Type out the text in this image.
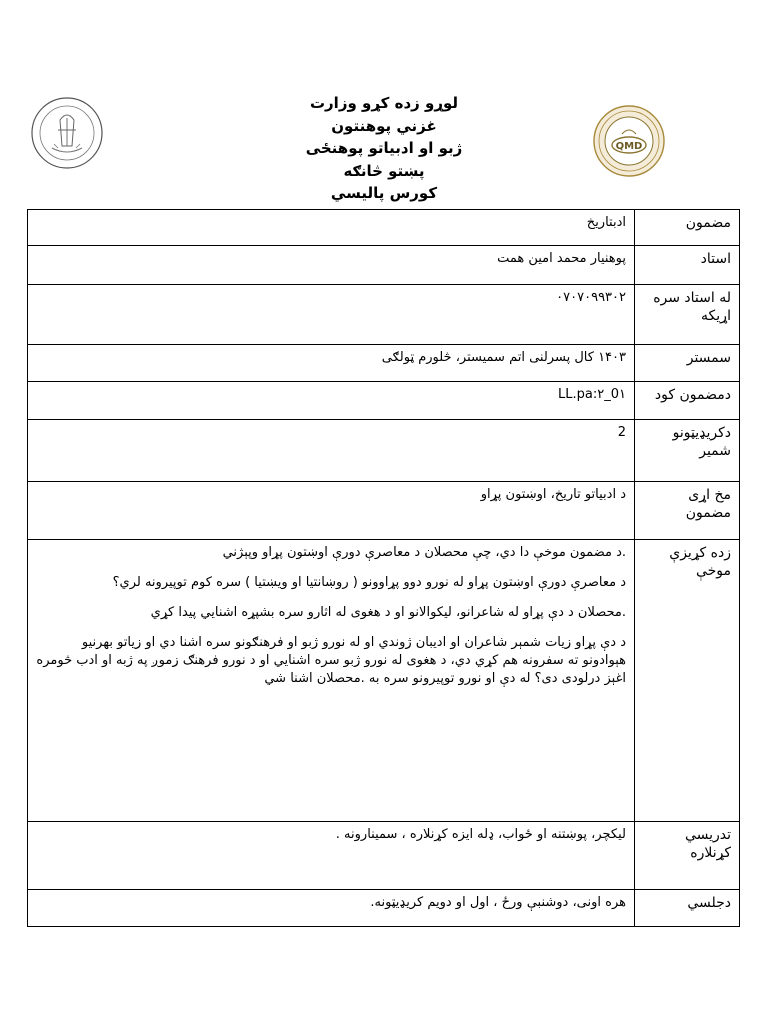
QMD
لوړو زده کړو وزارت
غزني پوهنتون
ژبو او ادبیاتو پوهنځی
پښتو څانګه
کورس پالیسي
مضمون	ادبتاریخ

استاد	پوهنیار محمد امین همت

له استاد سره اړیکه	۰۷۰۷۰۹۹۳۰۲

سمستر	۱۴۰۳ کال پسرلنی اتم سمیستر، څلورم ټولګی

دمضمون کود	LL.pa:۲_0۱

دکریډیټونو شمیر	2

مخ اړی مضمون	د ادبیاتو تاریخ، اوښتون پړاو

زده کړیزې موخې	.د مضمون موخې دا دي، چې محصلان د معاصرې دورې اوښتون پړاو وپېژني

د معاصرې دورې اوښتون پړاو له نورو دوو پړاوونو ( روښانتیا او ویښتیا ) سره کوم توپیرونه لري؟

.محصلان د دې پړاو له شاعرانو، لیکوالانو او د هغوی له اثارو سره بشپړه اشنایي پیدا کړي

د دې پړاو زیات شمېر شاعران او ادیبان ژوندي او له نورو ژبو او فرهنګونو سره اشنا دي او زیاتو بهرنیو هېوادونو ته سفرونه هم کړي دي، د هغوی له نورو ژبو سره اشنايي او د نورو فرهنګ زموږ په ژبه او ادب څومره اغېز درلودی دی؟ له دې او نورو توپیرونو سره به .محصلان اشنا شي

تدریسي کړنلاره	لیکچر، پوښتنه او ځواب، ډله ایزه کړنلاره ، سمینارونه .

دجلسي	هره اونی، دوشنبې ورځ ، اول او دویم کریډیټونه.
